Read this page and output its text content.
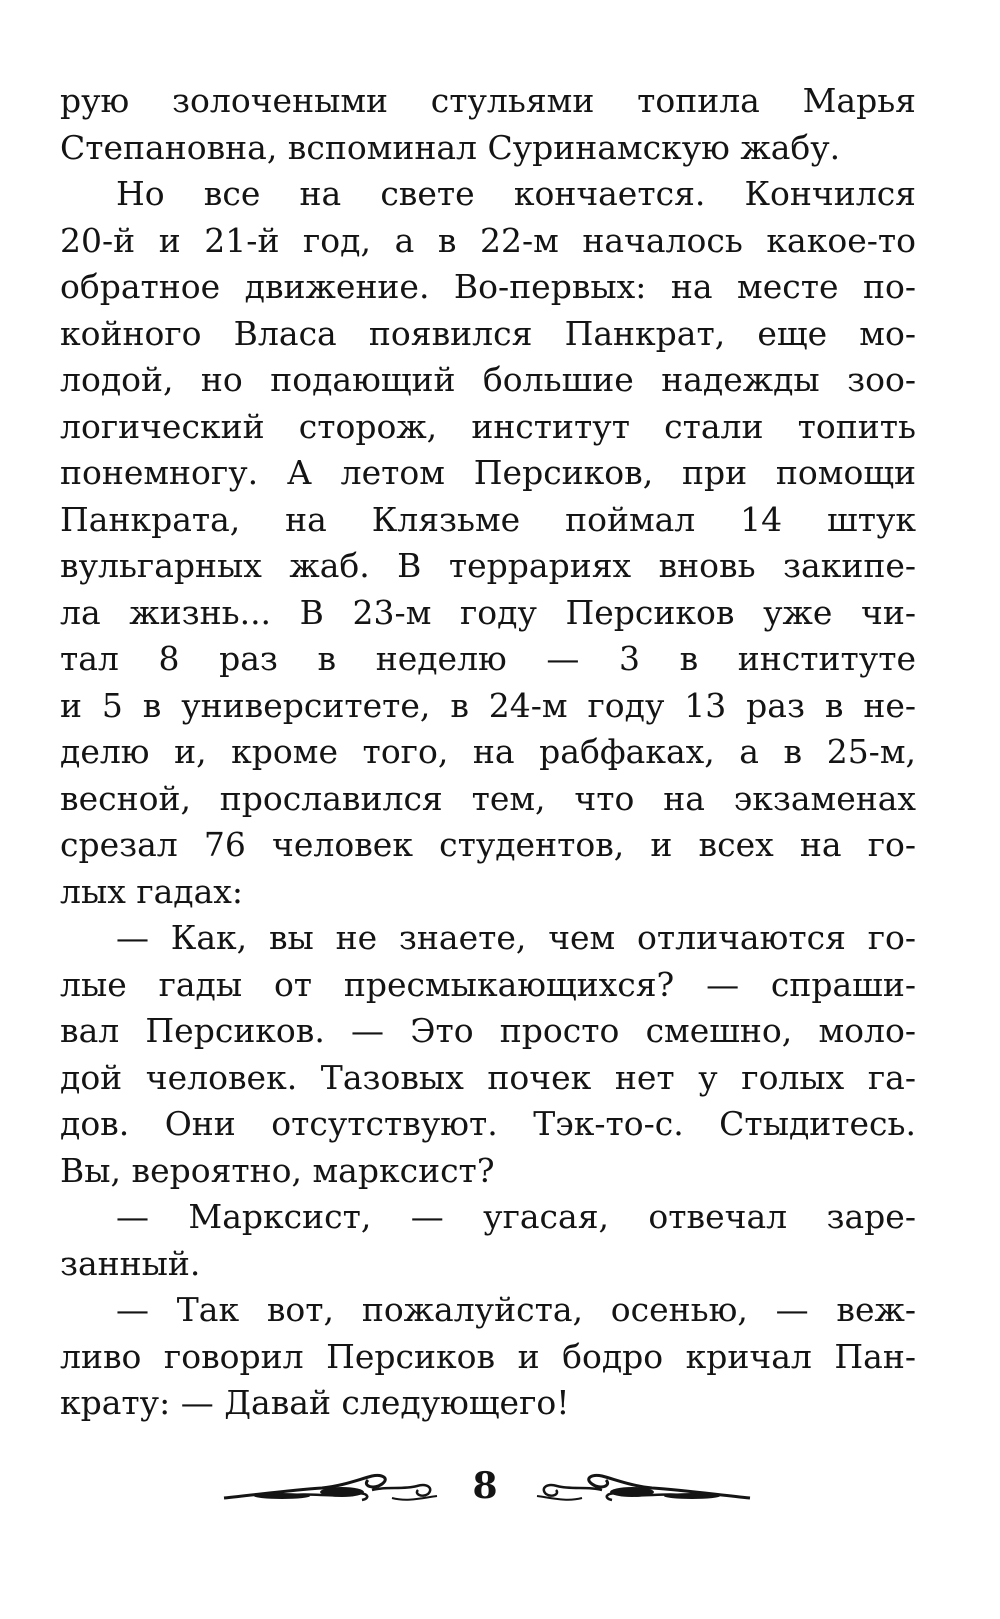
рую золочеными стульями топила Марья
Степановна, вспоминал Суринамскую жабу.
Но все на свете кончается. Кончился
20-й и 21-й год, а в 22-м началось какое-то
обратное движение. Во-первых: на месте по-
койного Власа появился Панкрат, еще мо-
лодой, но подающий большие надежды зоо-
логический сторож, институт стали топить
понемногу. А летом Персиков, при помощи
Панкрата, на Клязьме поймал 14 штук
вульгарных жаб. В террариях вновь закипе-
ла жизнь... В 23-м году Персиков уже чи-
тал 8 раз в неделю — 3 в институте
и 5 в университете, в 24-м году 13 раз в не-
делю и, кроме того, на рабфаках, а в 25-м,
весной, прославился тем, что на экзаменах
срезал 76 человек студентов, и всех на го-
лых гадах:
— Как, вы не знаете, чем отличаются го-
лые гады от пресмыкающихся? — спраши-
вал Персиков. — Это просто смешно, моло-
дой человек. Тазовых почек нет у голых га-
дов. Они отсутствуют. Тэк-то-с. Стыдитесь.
Вы, вероятно, марксист?
— Марксист, — угасая, отвечал заре-
занный.
— Так вот, пожалуйста, осенью, — веж-
ливо говорил Персиков и бодро кричал Пан-
крату: — Давай следующего!
8
